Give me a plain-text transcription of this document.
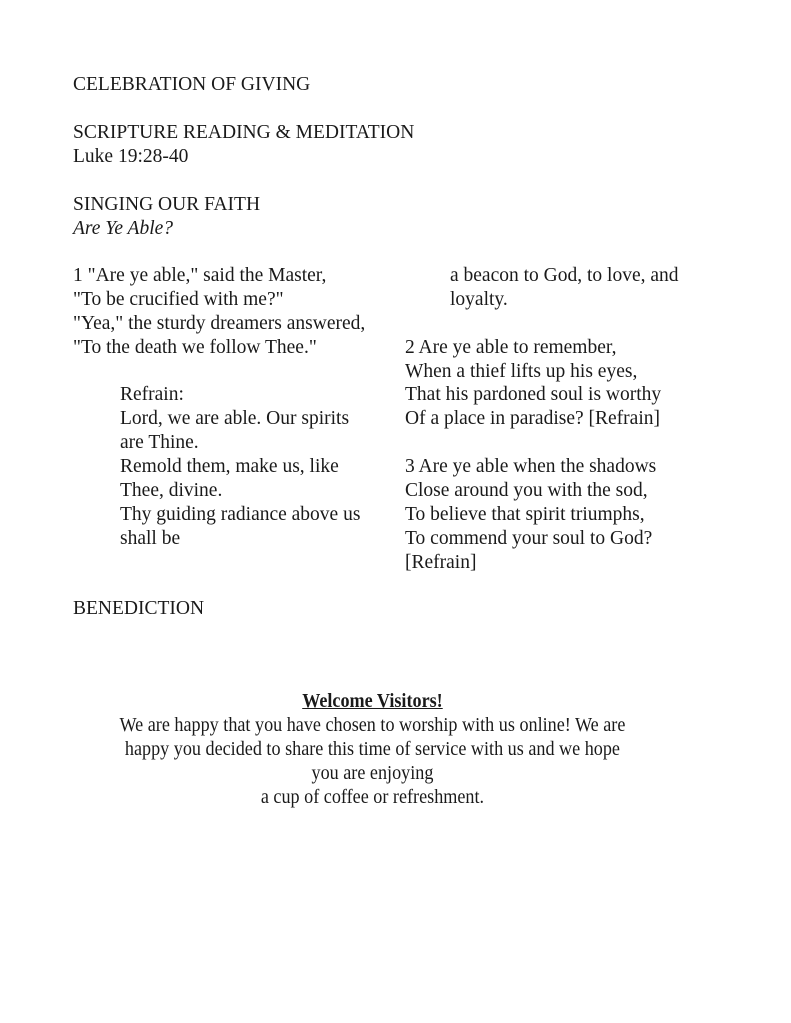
CELEBRATION OF GIVING
SCRIPTURE READING & MEDITATION
Luke 19:28-40
SINGING OUR FAITH
Are Ye Able?
1 "Are ye able," said the Master,
"To be crucified with me?"
"Yea," the sturdy dreamers answered,
"To the death we follow Thee."
Refrain:
Lord, we are able. Our spirits
are Thine.
Remold them, make us, like
Thee, divine.
Thy guiding radiance above us
shall be
a beacon to God, to love, and
loyalty.
2 Are ye able to remember,
When a thief lifts up his eyes,
That his pardoned soul is worthy
Of a place in paradise? [Refrain]
3 Are ye able when the shadows
Close around you with the sod,
To believe that spirit triumphs,
To commend your soul to God?
[Refrain]
BENEDICTION
Welcome Visitors!
We are happy that you have chosen to worship with us online! We are
happy you decided to share this time of service with us and we hope
you are enjoying
a cup of coffee or refreshment.
